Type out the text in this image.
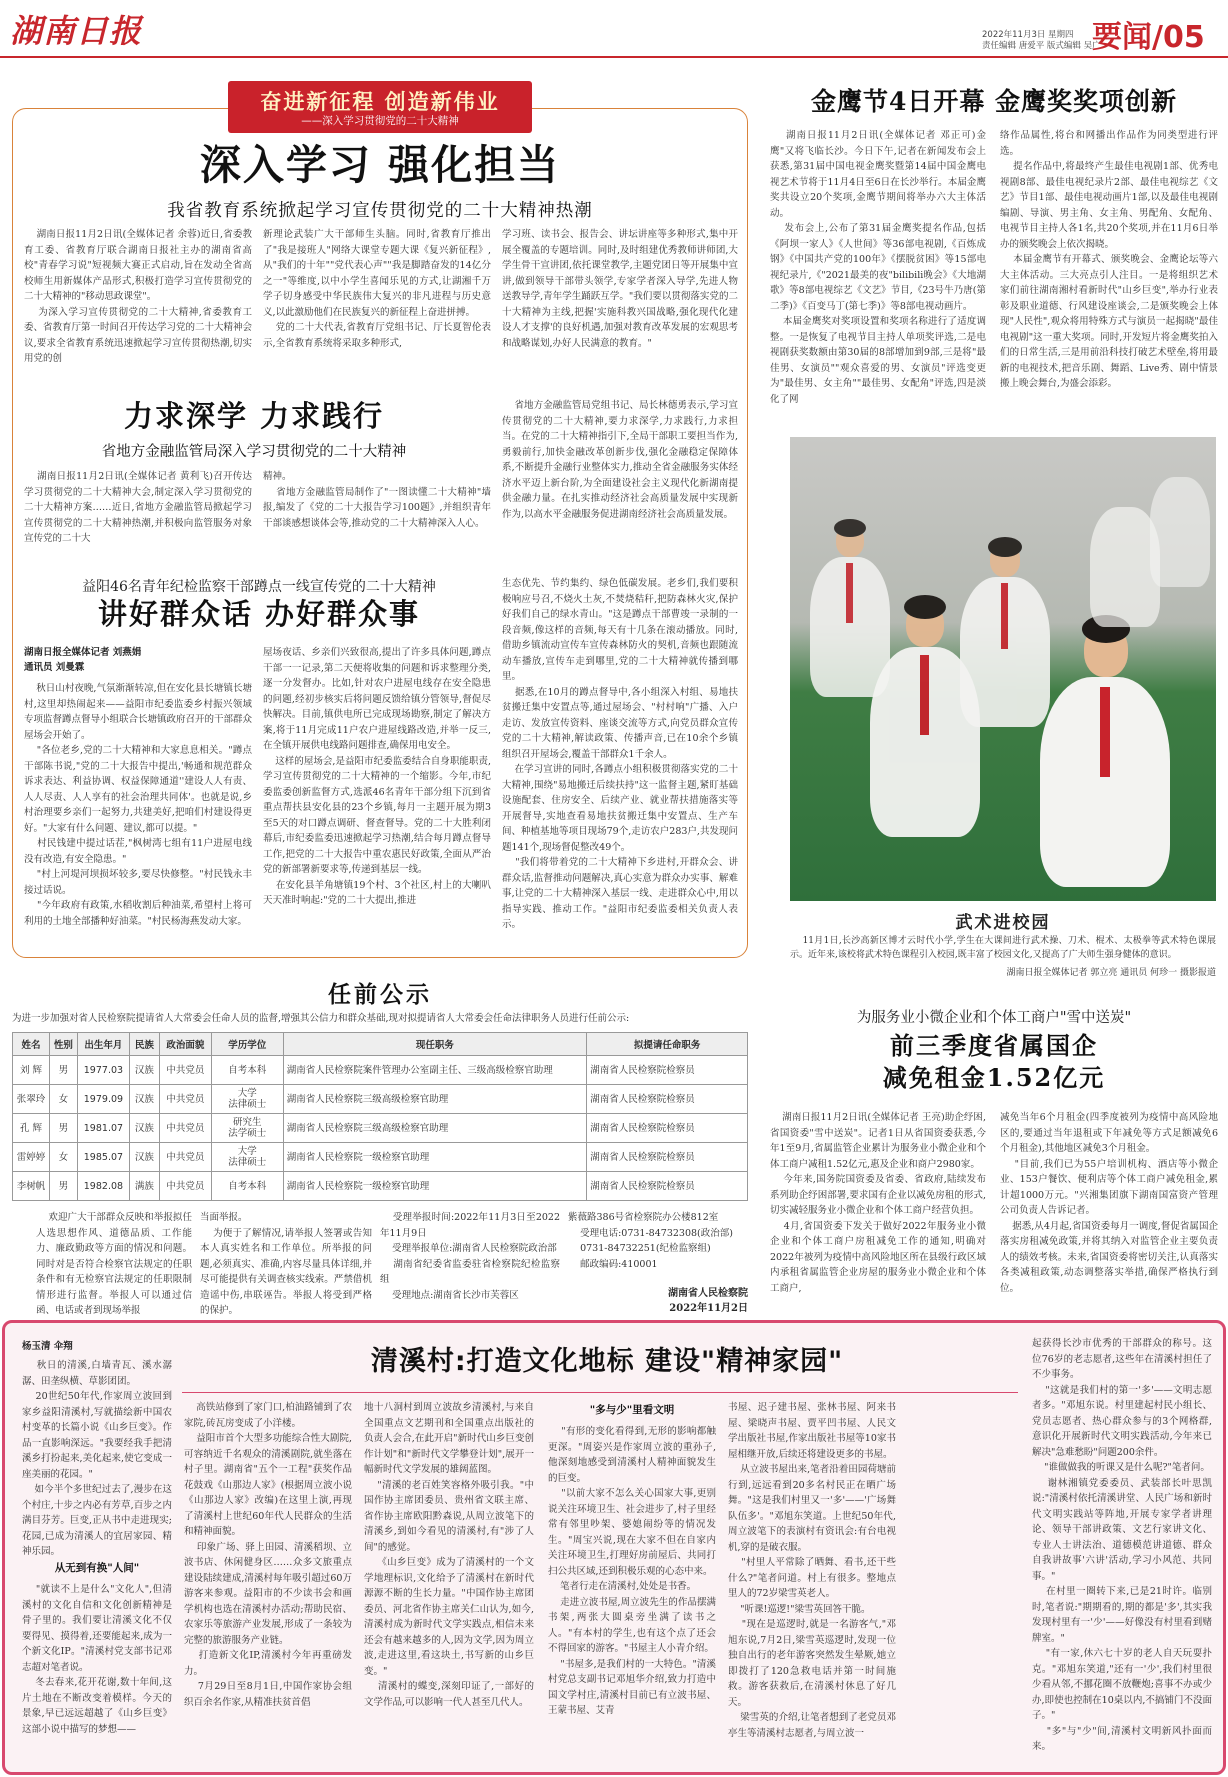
湖南日报	2022年11月3日 星期四
责任编辑 唐爱平 版式编辑 吴广
要闻/05
奋进新征程 创造新伟业
——深入学习贯彻党的二十大精神
深入学习 强化担当
我省教育系统掀起学习宣传贯彻党的二十大精神热潮
湖南日报11月2日讯(全媒体记者 余蓉)近日,省委教育工委、省教育厅联合湖南日报社主办的湖南省高校"青春学习说"短视频大赛正式启动,旨在发动全省高校师生用新媒体产品形式,积极打造学习宣传贯彻党的二十大精神的"移动思政课堂"。
为深入学习宣传贯彻党的二十大精神,省委教育工委、省教育厅第一时间召开传达学习党的二十大精神会议,要求全省教育系统迅速掀起学习宣传贯彻热潮,切实用党的创
新理论武装广大干部师生头脑。同时,省教育厅推出了"我是接班人"网络大课堂专题大课《复兴新征程》,从"我们的十年""党代表心声""我是脚踏奋发的14亿分之一"等维度,以中小学生喜闻乐见的方式,让湖湘千万学子切身感受中华民族伟大复兴的非凡进程与历史意义,以此激励他们在民族复兴的新征程上奋进拼搏。
党的二十大代表,省教育厅党组书记、厅长夏智伦表示,全省教育系统将采取多种形式,
学习班、读书会、报告会、讲坛讲座等多种形式,集中开展全覆盖的专题培训。同时,及时组建优秀教师讲师团,大学生骨干宣讲团,依托课堂教学,主题党团日等开展集中宣讲,做到领导干部带头领学,专家学者深入导学,先进人物送教导学,青年学生踊跃互学。"我们要以贯彻落实党的二十大精神为主线,把握'实施科教兴国战略,强化现代化建设人才支撑'的良好机遇,加强对教育改革发展的宏观思考和战略谋划,办好人民满意的教育。"
力求深学 力求践行
省地方金融监管局深入学习贯彻党的二十大精神
湖南日报11月2日讯(全媒体记者 黄利飞)召开传达学习贯彻党的二十大精神大会,制定深入学习贯彻党的二十大精神方案……近日,省地方金融监管局掀起学习宣传贯彻党的二十大精神热潮,并积极向监管服务对象宣传党的二十大
精神。
省地方金融监管局制作了"一图读懂二十大精神"墙报,编发了《党的二十大报告学习100题》,并组织青年干部谈感想谈体会等,推动党的二十大精神深入人心。
省地方金融监管局党组书记、局长林德勇表示,学习宣传贯彻党的二十大精神,要力求深学,力求践行,力求担当。在党的二十大精神指引下,全局干部职工要担当作为,勇毅前行,加快金融改革创新步伐,强化金融稳定保障体系,不断提升金融行业整体实力,推动全省金融服务实体经济水平迈上新台阶,为全面建设社会主义现代化新湖南提供金融力量。在扎实推动经济社会高质量发展中实现新作为,以高水平金融服务促进湖南经济社会高质量发展。
益阳46名青年纪检监察干部蹲点一线宣传党的二十大精神
讲好群众话 办好群众事
湖南日报全媒体记者 刘燕娟
通讯员 刘曼霖
秋日山村夜晚,气氛渐渐转凉,但在安化县长塘镇长塘村,这里却热闹起来——益阳市纪委监委乡村振兴领域专项监督蹲点督导小组联合长塘镇政府召开的干部群众屋场会开始了。
"各位老乡,党的二十大精神和大家息息相关。"蹲点干部陈书说,"党的二十大报告中提出,'畅通和规范群众诉求表达、利益协调、权益保障通道''建设人人有责、人人尽责、人人享有的社会治理共同体'。也就是说,乡村治理要乡亲们一起努力,共建美好,把咱们村建设得更好。"大家有什么问题、建议,都可以提。"
村民钱建中提过话茬,"枫树湾七组有11户进屋电线没有改造,有安全隐患。"
"村上河堤河坝损坏较多,要尽快修整。"村民钱永丰接过话说。
"今年政府有政策,水稻收割后种油菜,希望村上将可利用的土地全部播种好油菜。"村民杨海燕发动大家。
屋场夜话、乡亲们兴致很高,提出了许多具体问题,蹲点干部一一记录,第二天便将收集的问题和诉求整理分类,逐一分发督办。比如,针对农户进屋电线存在安全隐患的问题,经初步核实后将问题反馈给镇分管领导,督促尽快解决。目前,镇供电所已完成现场勘察,制定了解决方案,将于11月完成11户农户进屋线路改造,并举一反三,在全镇开展供电线路问题排查,确保用电安全。
这样的屋场会,是益阳市纪委监委结合自身职能职责,学习宣传贯彻党的二十大精神的一个缩影。今年,市纪委监委创新监督方式,选派46名青年干部分组下沉到省重点帮扶县安化县的23个乡镇,每月一主题开展为期3至5天的对口蹲点调研、督查督导。党的二十大胜利闭幕后,市纪委监委迅速掀起学习热潮,结合每月蹲点督导工作,把党的二十大报告中重农惠民好政策,全面从严治党的新部署新要求等,传递到基层一线。
在安化县羊角塘镇19个村、3个社区,村上的大喇叭天天准时响起:"党的二十大提出,推进
生态优先、节约集约、绿色低碳发展。老乡们,我们要积极响应号召,不烧火土灰,不焚烧秸秆,把防森林火灾,保护好我们自己的绿水青山。"这是蹲点干部曹竣一录制的一段音频,像这样的音频,每天有十几条在滚动播放。同时,借助乡镇流动宣传车宣传森林防火的契机,音频也跟随流动车播放,宣传车走到哪里,党的二十大精神就传播到哪里。
据悉,在10月的蹲点督导中,各小组深入村组、易地扶贫搬迁集中安置点等,通过屋场会、"村村响"广播、入户走访、发放宣传资料、座谈交流等方式,向党员群众宣传党的二十大精神,解读政策、传播声音,已在10余个乡镇组织召开屋场会,覆盖干部群众1千余人。
在学习宣讲的同时,各蹲点小组积极贯彻落实党的二十大精神,围绕"易地搬迁后续扶持"这一监督主题,紧盯基础设施配套、住房安全、后续产业、就业帮扶措施落实等开展督导,实地查看易地扶贫搬迁集中安置点、生产车间、种植基地等项目现场79个,走访农户283户,共发现问题141个,现场督促整改49个。
"我们将带着党的二十大精神下乡进村,开群众会、讲群众话,监督推动问题解决,真心实意为群众办实事、解难事,让党的二十大精神深入基层一线、走进群众心中,用以指导实践、推动工作。"益阳市纪委监委相关负责人表示。
金鹰节4日开幕 金鹰奖奖项创新
湖南日报11月2日讯(全媒体记者 邓正可)金鹰"又将飞临长沙。今日下午,记者在新闻发布会上获悉,第31届中国电视金鹰奖暨第14届中国金鹰电视艺术节将于11月4日至6日在长沙举行。本届金鹰奖共设立20个奖项,金鹰节期间将举办六大主体活动。
发布会上,公布了第31届金鹰奖提名作品,包括《阿坝一家人》《人世间》等36部电视剧,《百炼成钢》《中国共产党的100年》《摆脱贫困》等15部电视纪录片,《"2021最美的夜"bilibili晚会》《大地湖歌》等8部电视综艺《文艺》节目,《23号牛乃唐(第二季)》《百变马丁(第七季)》等8部电视动画片。
本届金鹰奖对奖项设置和奖项名称进行了适度调整。一是恢复了电视节目主持人单项奖评选,二是电视剧获奖数额由第30届的8部增加到9部,三是将"最佳男、女演员""观众喜爱的男、女演员"评选变更为"最佳男、女主角""最佳男、女配角"评选,四是淡化了网
络作品属性,将台和网播出作品作为同类型进行评选。
提名作品中,将最终产生最佳电视剧1部、优秀电视剧8部、最佳电视纪录片2部、最佳电视综艺《文艺》节目1部、最佳电视动画片1部,以及最佳电视剧编剧、导演、男主角、女主角、男配角、女配角、电视节目主持人各1名,共20个奖项,并在11月6日举办的颁奖晚会上依次揭晓。
本届金鹰节有开幕式、颁奖晚会、金鹰论坛等六大主体活动。三大亮点引人注目。一是将组织艺术家们前往湖南湘村看新时代"山乡巨变",举办行业表彰及职业道德、行风建设座谈会,二是颁奖晚会上体现"人民性",观众将用特殊方式与演员一起揭晓"最佳电视剧"这一重大奖项。同时,开发短片将金鹰奖拍入们的日常生活,三是用前沿科技打破艺术壁垒,将用最新的电视技术,把音乐剧、舞蹈、Live秀、剧中情景搬上晚会舞台,为盛会添彩。
武术进校园
11月1日,长沙高新区博才云时代小学,学生在大课间进行武术操、刀术、棍术、太极拳等武术特色课展示。近年来,该校将武术特色课程引入校园,既丰富了校园文化,又提高了广大师生强身健体的意识。
湖南日报全媒体记者 郭立亮 通讯员 何珍一 摄影报道
任前公示
为进一步加强对省人民检察院提请省人大常委会任命人员的监督,增强其公信力和群众基础,现对拟提请省人大常委会任命法律职务人员进行任前公示:
姓名	性别	出生年月	民族	政治面貌	学历学位	现任职务	拟提请任命职务
刘 辉	男	1977.03	汉族	中共党员	自考本科	湖南省人民检察院案件管理办公室副主任、三级高级检察官助理	湖南省人民检察院检察员
张翠玲	女	1979.09	汉族	中共党员	大学
法律硕士	湖南省人民检察院三级高级检察官助理	湖南省人民检察院检察员
孔 辉	男	1981.07	汉族	中共党员	研究生
法学硕士	湖南省人民检察院三级高级检察官助理	湖南省人民检察院检察员
雷婷婷	女	1985.07	汉族	中共党员	大学
法律硕士	湖南省人民检察院一级检察官助理	湖南省人民检察院检察员
李树帆	男	1982.08	满族	中共党员	自考本科	湖南省人民检察院一级检察官助理	湖南省人民检察院检察员
欢迎广大干部群众反映和举报拟任人选思想作风、道德品质、工作能力、廉政勤政等方面的情况和问题。同时对是否符合检察官法规定的任职条件和有无检察官法规定的任职限制情形进行监督。举报人可以通过信函、电话或者到现场举报
当面举报。
为便于了解情况,请举报人签署或告知本人真实姓名和工作单位。所举报的问题,必须真实、准确,内容尽量具体详细,并尽可能提供有关调查核实线索。严禁借机造谣中伤,串联诬告。举报人将受到严格的保护。
受理举报时间:2022年11月3日至2022年11月9日
受理举报单位:湖南省人民检察院政治部
湖南省纪委省监委驻省检察院纪检监察组
受理地点:湖南省长沙市芙蓉区
紫薇路386号省检察院办公楼812室
受理电话:0731-84732308(政治部)
0731-84732251(纪检监察组)
邮政编码:410001
湖南省人民检察院
2022年11月2日
为服务业小微企业和个体工商户"雪中送炭"
前三季度省属国企
减免租金1.52亿元
湖南日报11月2日讯(全媒体记者 王亮)助企纾困,省国资委"雪中送炭"。记者1日从省国资委获悉,今年1至9月,省属监管企业累计为服务业小微企业和个体工商户减租1.52亿元,惠及企业和商户2980家。
今年来,国务院国资委及省委、省政府,陆续发布系列助企纾困部署,要求国有企业以减免房租的形式,切实减轻服务业小微企业和个体工商户经营负担。
4月,省国资委下发关于做好2022年服务业小微企业和个体工商户房租减免工作的通知,明确对2022年被列为疫情中高风险地区所在县级行政区域内承租省属监管企业房屋的服务业小微企业和个体工商户,
减免当年6个月租金(四季度被列为疫情中高风险地区的,要通过当年退租或下年减免等方式足额减免6个月租金),其他地区减免3个月租金。
"目前,我们已为55户培训机构、酒店等小微企业、153户餐饮、便利店等个体工商户减免租金,累计超1000万元。"兴湘集团旗下湖南国富资产管理公司负责人告诉记者。
据悉,从4月起,省国资委每月一调度,督促省属国企落实房租减免政策,并将其纳入对监管企业主要负责人的绩效考核。未来,省国资委将密切关注,认真落实各类减租政策,动态调整落实举措,确保严格执行到位。
杨玉清 伞翔	清溪村:打造文化地标 建设"精神家园"
秋日的清溪,白墙青瓦、溪水潺潺、田垄纵横、草影团团。
20世纪50年代,作家周立波回到家乡益阳清溪村,写就描绘新中国农村变革的长篇小说《山乡巨变》。作品一直影响深远。"我要经我手把清溪乡打扮起来,美化起来,使它变成一座美丽的花园。"
如今半个多世纪过去了,漫步在这个村庄,十步之内必有芳草,百步之内满目芬芳。巨变,正从书中走进现实;花园,已成为清溪人的宜居家园、精神乐园。
从无到有换"人间"
"就读不上是什么"文化人",但清溪村的文化自信和文化创新精神是骨子里的。我们要让清溪文化不仅要得见、摸得着,还要能起来,成为一个新文化IP。"清溪村党支部书记邓志超对笔者说。
冬去春来,花开花谢,数十年间,这片土地在不断改变着模样。今天的景象,早已远远超越了《山乡巨变》这部小说中描写的梦想——
高铁站修到了家门口,柏油路铺到了农家院,砖瓦房变成了小洋楼。
益阳市首个大型多功能综合性大剧院,可容纳近千名观众的清溪剧院,就坐落在村子里。湖南省"五个一工程"获奖作品花鼓戏《山那边人家》(根据周立波小说《山那边人家》改编)在这里上演,再现了清溪村上世纪60年代人民群众的生活和精神面貌。
印象广场、驿上田园、清溪稻坝、立波书店、休闲健身区……众多文旅重点建设陆续建成,清溪村每年吸引超过60万游客来参观。益阳市的不少读书会和画学机构也选在清溪村办活动;帮助民宿、农家乐等旅游产业发展,形成了一条较为完整的旅游服务产业链。
打造新文化IP,清溪村今年再重磅发力。
7月29日至8月1日,中国作家协会组织百余名作家,从精准扶贫首倡
地十八洞村到周立波故乡清溪村,与来自全国重点文艺期刊和全国重点出版社的负责人会合,在此开启"新时代山乡巨变创作计划"和"新时代文学攀登计划",展开一幅新时代文学发展的雄阔蓝图。
"清溪的老百姓笑容格外吸引我。"中国作协主席团委员、贵州省文联主席、省作协主席欧阳黔森说,从周立波笔下的清溪乡,到如今看见的清溪村,有"涉了人间"的感觉。
《山乡巨变》成为了清溪村的一个文学地理标识,文化给予了清溪村在新时代源源不断的生长力量。"中国作协主席团委员、河北省作协主席关仁山认为,如今,清溪村成为新时代文学实践点,相信未来还会有越来越多的人,因为文学,因为周立波,走进这里,看这块土,书写新的山乡巨变。"
清溪村的蝶变,深刻印证了,一部好的文学作品,可以影响一代人甚至几代人。
"多与少"里看文明
"有形的变化看得到,无形的影响都触更深。"周姿兴是作家周立波的重孙子,他深刻地感受到清溪村人精神面貌发生的巨变。
"以前大家不怎么关心国家大事,更别说关注环境卫生、社会进步了,村子里经常有邻里吵架、婆媳闹纷等的情况发生。"周宝兴说,现在大家不但在自家内关注环境卫生,打理好房前屋后、共同打扫公共区域,还到积极乐观的心态中来。
笔者行走在清溪村,处处是书香。
走进立波书屋,周立波先生的作品摆满书架,两张大圆桌旁坐满了读书之人。"有本村的学生,也有这个点了还会不得回家的游客。"书屋主人小青介绍。
"书屋多,是我们村的一大特色。"清溪村党总支副书记邓旭华介绍,致力打造中国文学村庄,清溪村目前已有立波书屋、王蒙书屋、艾青
书屋、迟子建书屋、张林书屋、阿来书屋、梁晓声书屋、贾平凹书屋、人民文学出版社书屋,作家出版社书屋等10家书屋相继开放,后续还将建设更多的书屋。
从立波书屋出来,笔者沿着田园荷塘前行到,远远看到20多名村民正在晒广场舞。"这是我们村里又一'多'——'广场舞队伍多'。"邓旭东笑道。上世纪50年代,周立波笔下的表演村有资讯会:有台电视机,穿的是破衣服。
"村里人平常除了晒舞、看书,还干些什么?"笔者问道。村上有很多。整地点里人的72岁梁雪英老人。
"听课!巡逻!"梁雪英回答干脆。
"现在是巡逻时,就是一名游客气,"邓旭东说,7月2日,梁雪英巡逻时,发现一位独自出行的老年游客突然发生晕厥,她立即拨打了120急救电话并第一时间施救。游客获救后,在清溪村休息了好几天。
梁雪英的介绍,让笔者想到了老党员邓亭生等清溪村志愿者,与周立波一
起获得长沙市优秀的干部群众的称号。这位76岁的老志愿者,这些年在清溪村担任了不少事务。
"这就是我们村的第一'多'——文明志愿者多。"邓旭东说。村里建起村民小组长、党员志愿者、热心群众参与的3个网格群,意识化开展新时代文明实践活动,今年来已解决"急难愁盼"问题200余件。
"谁做做我的听课又是什么呢?"笔者问。
谢林湘镇党委委员、武装部长叶思凯说:"清溪村依托清溪讲堂、人民广场和新时代文明实践站等阵地,开展专家学者讲理论、领导干部讲政策、文艺行家讲文化、专业人士讲法治、道德模范讲道德、群众自我讲故事'六讲'活动,学习小风范、共同事。"
在村里一圈转下来,已是21时许。临别时,笔者说:"期期看的,期的都是'多',其实我发现村里有一'少'——好像没有村里看到赌牌室。"
"有一家,休六七十岁的老人自天玩耍扑克。"邓旭东笑道,"还有一'少',我们村里很少看从邻,不挪花圈不放鞭炮;喜事不办或少办,即使也控制在10桌以内,不搞铺门不没面子。"
"多"与"少"间,清溪村文明新风扑面而来。
